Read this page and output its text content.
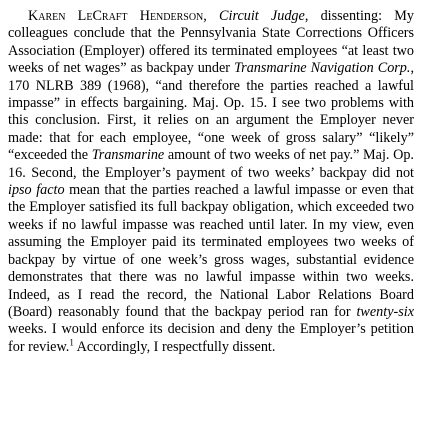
Karen LeCraft Henderson, Circuit Judge, dissenting: My colleagues conclude that the Pennsylvania State Corrections Officers Association (Employer) offered its terminated employees “at least two weeks of net wages” as backpay under Transmarine Navigation Corp., 170 NLRB 389 (1968), “and therefore the parties reached a lawful impasse” in effects bargaining. Maj. Op. 15. I see two problems with this conclusion. First, it relies on an argument the Employer never made: that for each employee, “one week of gross salary” “likely” “exceeded the Transmarine amount of two weeks of net pay.” Maj. Op. 16. Second, the Employer’s payment of two weeks’ backpay did not ipso facto mean that the parties reached a lawful impasse or even that the Employer satisfied its full backpay obligation, which exceeded two weeks if no lawful impasse was reached until later. In my view, even assuming the Employer paid its terminated employees two weeks of backpay by virtue of one week’s gross wages, substantial evidence demonstrates that there was no lawful impasse within two weeks. Indeed, as I read the record, the National Labor Relations Board (Board) reasonably found that the backpay period ran for twenty-six weeks. I would enforce its decision and deny the Employer’s petition for review.$^1$ Accordingly, I respectfully dissent.
